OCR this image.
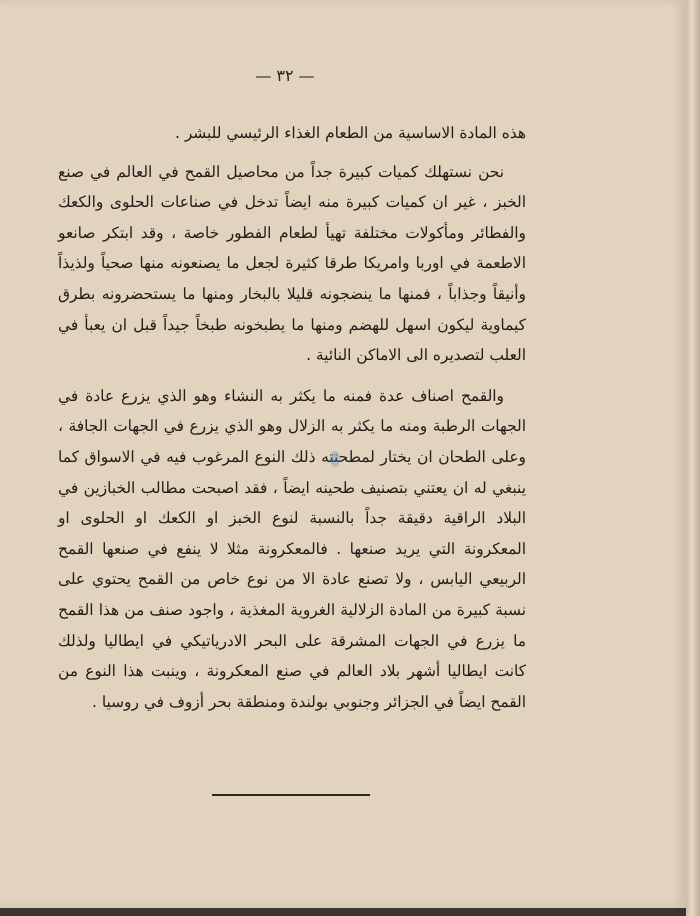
— ٣٢ —

هذه المادة الاساسية من الطعام الغذاء الرئيسي للبشر .

نحن نستهلك كميات كبيرة جداً من محاصيل القمح في العالم في صنع الخبز ، غير ان كميات كبيرة منه ايضاً تدخل في صناعات الحلوى والكعك والفطائر ومأكولات مختلفة تهيأ لطعام الفطور خاصة ، وقد ابتكر صانعو الاطعمة في اوربا وامريكا طرقا كثيرة لجعل ما يصنعونه منها صحياً ولذيذاً وأنيقاً وجذاباً ، فمنها ما ينضجونه قليلا بالبخار ومنها ما يستحضرونه بطرق كيماوية ليكون اسهل للهضم ومنها ما يطبخونه طبخاً جيداً قبل ان يعبأ في العلب لتصديره الى الاماكن النائية .

والقمح اصناف عدة فمنه ما يكثر به النشاء وهو الذي يزرع عادة في الجهات الرطبة ومنه ما يكثر به الزلال وهو الذي يزرع في الجهات الجافة ، وعلى الطحان ان يختار لمطحنته ذلك النوع المرغوب فيه في الاسواق كما ينبغي له ان يعتني بتصنيف طحينه ايضاً ، فقد اصبحت مطالب الخبازين في البلاد الراقية دقيقة جداً بالنسبة لنوع الخبز او الكعك او الحلوى او المعكرونة التي يريد صنعها . فالمعكرونة مثلا لا ينفع في صنعها القمح الربيعي اليابس ، ولا تصنع عادة الا من نوع خاص من القمح يحتوي على نسبة كبيرة من المادة الزلالية الغروية المغذية ، واجود صنف من هذا القمح ما يزرع في الجهات المشرقة على البحر الادرياتيكي في ايطاليا ولذلك كانت ايطاليا أشهر بلاد العالم في صنع المعكرونة ، وينبت هذا النوع من القمح ايضاً في الجزائر وجنوبي بولندة ومنطقة بحر أزوف في روسيا .
